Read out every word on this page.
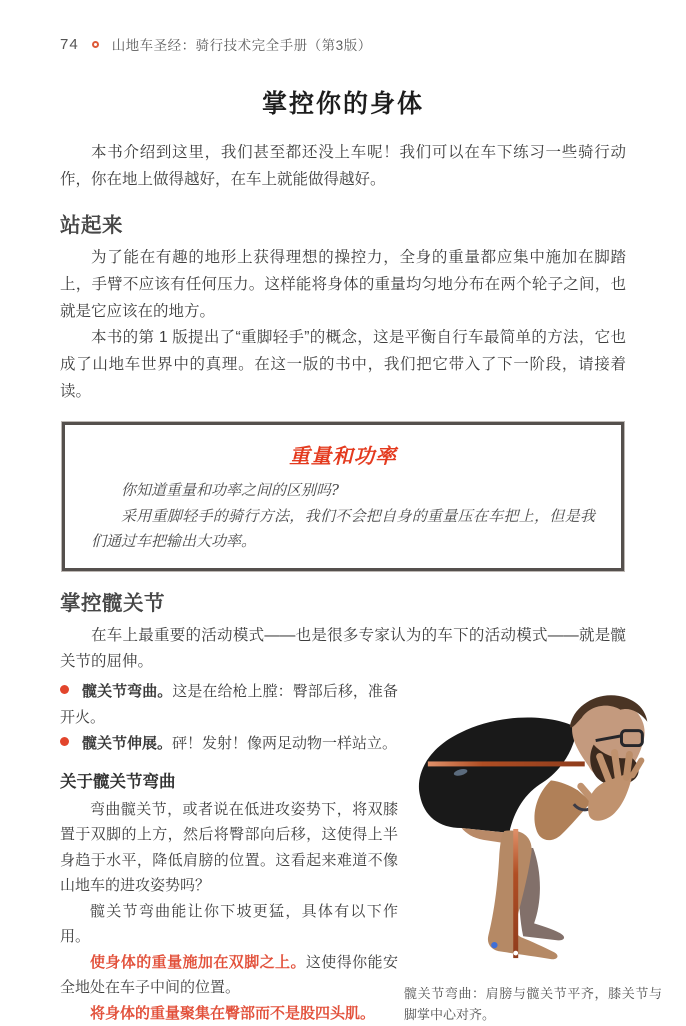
74 山地车圣经：骑行技术完全手册（第3版）
掌控你的身体

本书介绍到这里，我们甚至都还没上车呢！我们可以在车下练习一些骑行动作，你在地上做得越好，在车上就能做得越好。

站起来

为了能在有趣的地形上获得理想的操控力，全身的重量都应集中施加在脚踏上，手臂不应该有任何压力。这样能将身体的重量均匀地分布在两个轮子之间，也就是它应该在的地方。

本书的第 1 版提出了“重脚轻手”的概念，这是平衡自行车最简单的方法，它也成了山地车世界中的真理。在这一版的书中，我们把它带入了下一阶段，请接着读。

重量和功率

你知道重量和功率之间的区别吗?

采用重脚轻手的骑行方法，我们不会把自身的重量压在车把上，但是我们通过车把输出大功率。

掌控髋关节

在车上最重要的活动模式——也是很多专家认为的车下的活动模式——就是髋关节的屈伸。

髋关节弯曲。这是在给枪上膛：臀部后移，准备开火。

髋关节伸展。砰！发射！像两足动物一样站立。

关于髋关节弯曲

弯曲髋关节，或者说在低进攻姿势下，将双膝置于双脚的上方，然后将臀部向后移，这使得上半身趋于水平，降低肩膀的位置。这看起来难道不像山地车的进攻姿势吗？

髋关节弯曲能让你下坡更猛，具体有以下作用。

使身体的重量施加在双脚之上。这使得你能安全地处在车子中间的位置。

将身体的重量聚集在臀部而不是股四头肌。

髋关节弯曲：肩膀与髋关节平齐，膝关节与脚掌中心对齐。
